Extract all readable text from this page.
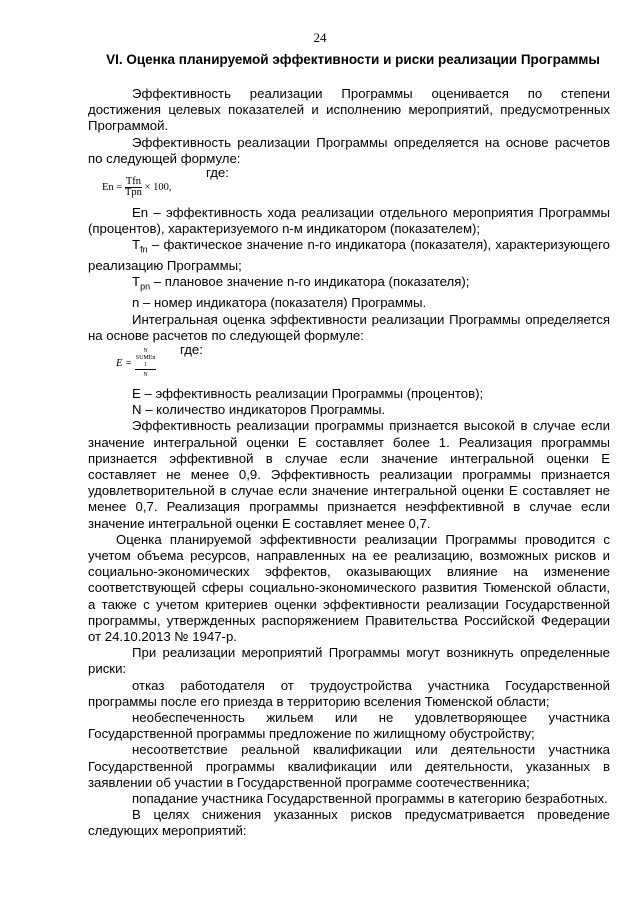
24
VI. Оценка планируемой эффективности и риски реализации Программы

Эффективность реализации Программы оценивается по степени достижения целевых показателей и исполнению мероприятий, предусмотренных Программой.

Эффективность реализации Программы определяется на основе расчетов по следующей формуле:

$En = \frac{\text{Tfn}}{\text{Tpn}} \times 100$,
где:

En – эффективность хода реализации отдельного мероприятия Программы (процентов), характеризуемого n-м индикатором (показателем);

$T_{fn}$ – фактическое значение n-го индикатора (показателя), характеризующего реализацию Программы;

$T_{pn}$ – плановое значение n-го индикатора (показателя);

n – номер индикатора (показателя) Программы.

Интегральная оценка эффективности реализации Программы определяется на основе расчетов по следующей формуле:

E = N
SUMEn
1
N где:

E – эффективность реализации Программы (процентов);

N – количество индикаторов Программы.

Эффективность реализации программы признается высокой в случае если значение интегральной оценки E составляет более 1. Реализация программы признается эффективной в случае если значение интегральной оценки E составляет не менее 0,9. Эффективность реализации программы признается удовлетворительной в случае если значение интегральной оценки E составляет не менее 0,7. Реализация программы признается неэффективной в случае если значение интегральной оценки E составляет менее 0,7.

Оценка планируемой эффективности реализации Программы проводится с учетом объема ресурсов, направленных на ее реализацию, возможных рисков и социально-экономических эффектов, оказывающих влияние на изменение соответствующей сферы социально-экономического развития Тюменской области, а также с учетом критериев оценки эффективности реализации Государственной программы, утвержденных распоряжением Правительства Российской Федерации от 24.10.2013 № 1947-р.

При реализации мероприятий Программы могут возникнуть определенные риски:

отказ работодателя от трудоустройства участника Государственной программы после его приезда в территорию вселения Тюменской области;

необеспеченность жильем или не удовлетворяющее участника Государственной программы предложение по жилищному обустройству;

несоответствие реальной квалификации или деятельности участника Государственной программы квалификации или деятельности, указанных в заявлении об участии в Государственной программе соотечественника;

попадание участника Государственной программы в категорию безработных.

В целях снижения указанных рисков предусматривается проведение следующих мероприятий:
